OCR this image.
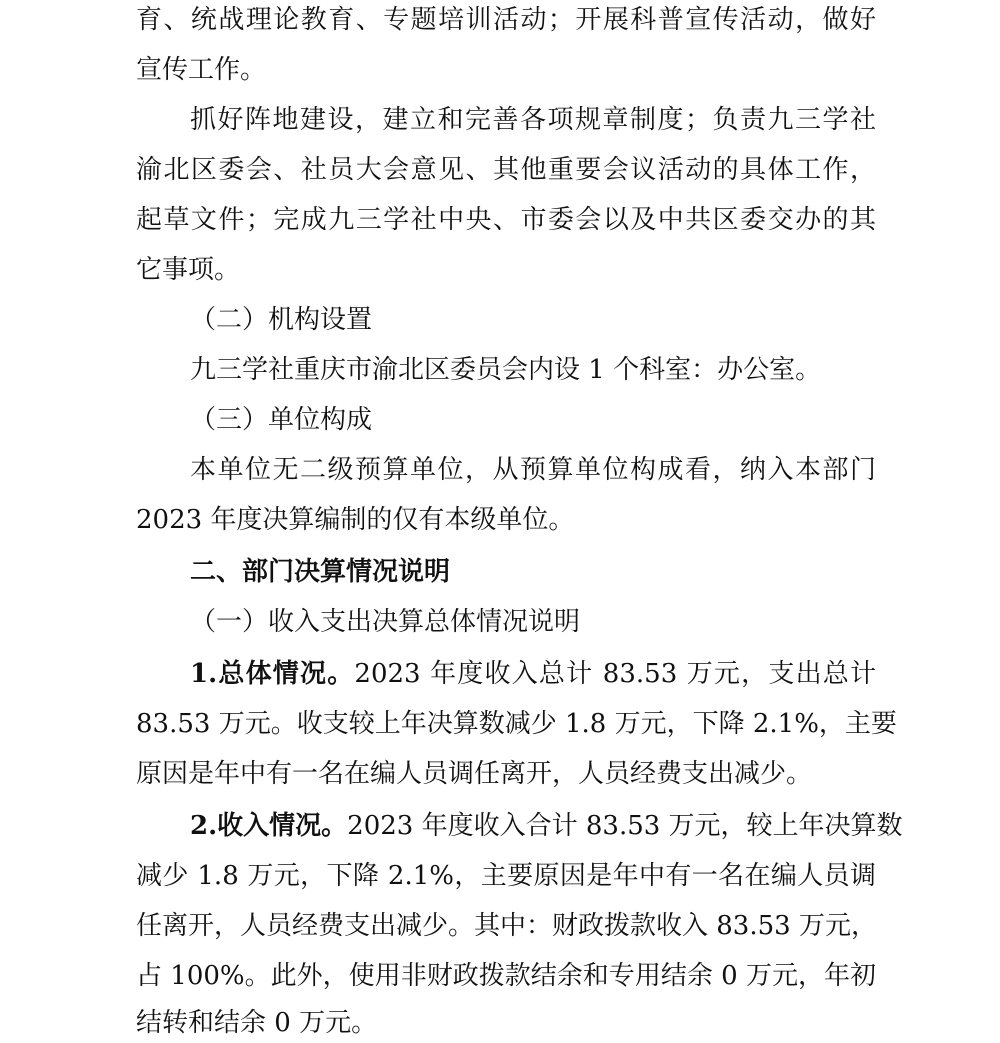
育、统战理论教育、专题培训活动；开展科普宣传活动，做好
宣传工作。
抓好阵地建设，建立和完善各项规章制度；负责九三学社
渝北区委会、社员大会意见、其他重要会议活动的具体工作，
起草文件；完成九三学社中央、市委会以及中共区委交办的其
它事项。
（二）机构设置
九三学社重庆市渝北区委员会内设 1 个科室：办公室。
（三）单位构成
本单位无二级预算单位，从预算单位构成看，纳入本部门
2023 年度决算编制的仅有本级单位。
二、部门决算情况说明
（一）收入支出决算总体情况说明
1.总体情况。2023 年度收入总计 83.53 万元，支出总计
83.53 万元。收支较上年决算数减少 1.8 万元，下降 2.1%，主要
原因是年中有一名在编人员调任离开，人员经费支出减少。
2.收入情况。2023 年度收入合计 83.53 万元，较上年决算数
减少 1.8 万元，下降 2.1%，主要原因是年中有一名在编人员调
任离开，人员经费支出减少。其中：财政拨款收入 83.53 万元，
占 100%。此外，使用非财政拨款结余和专用结余 0 万元，年初
结转和结余 0 万元。
